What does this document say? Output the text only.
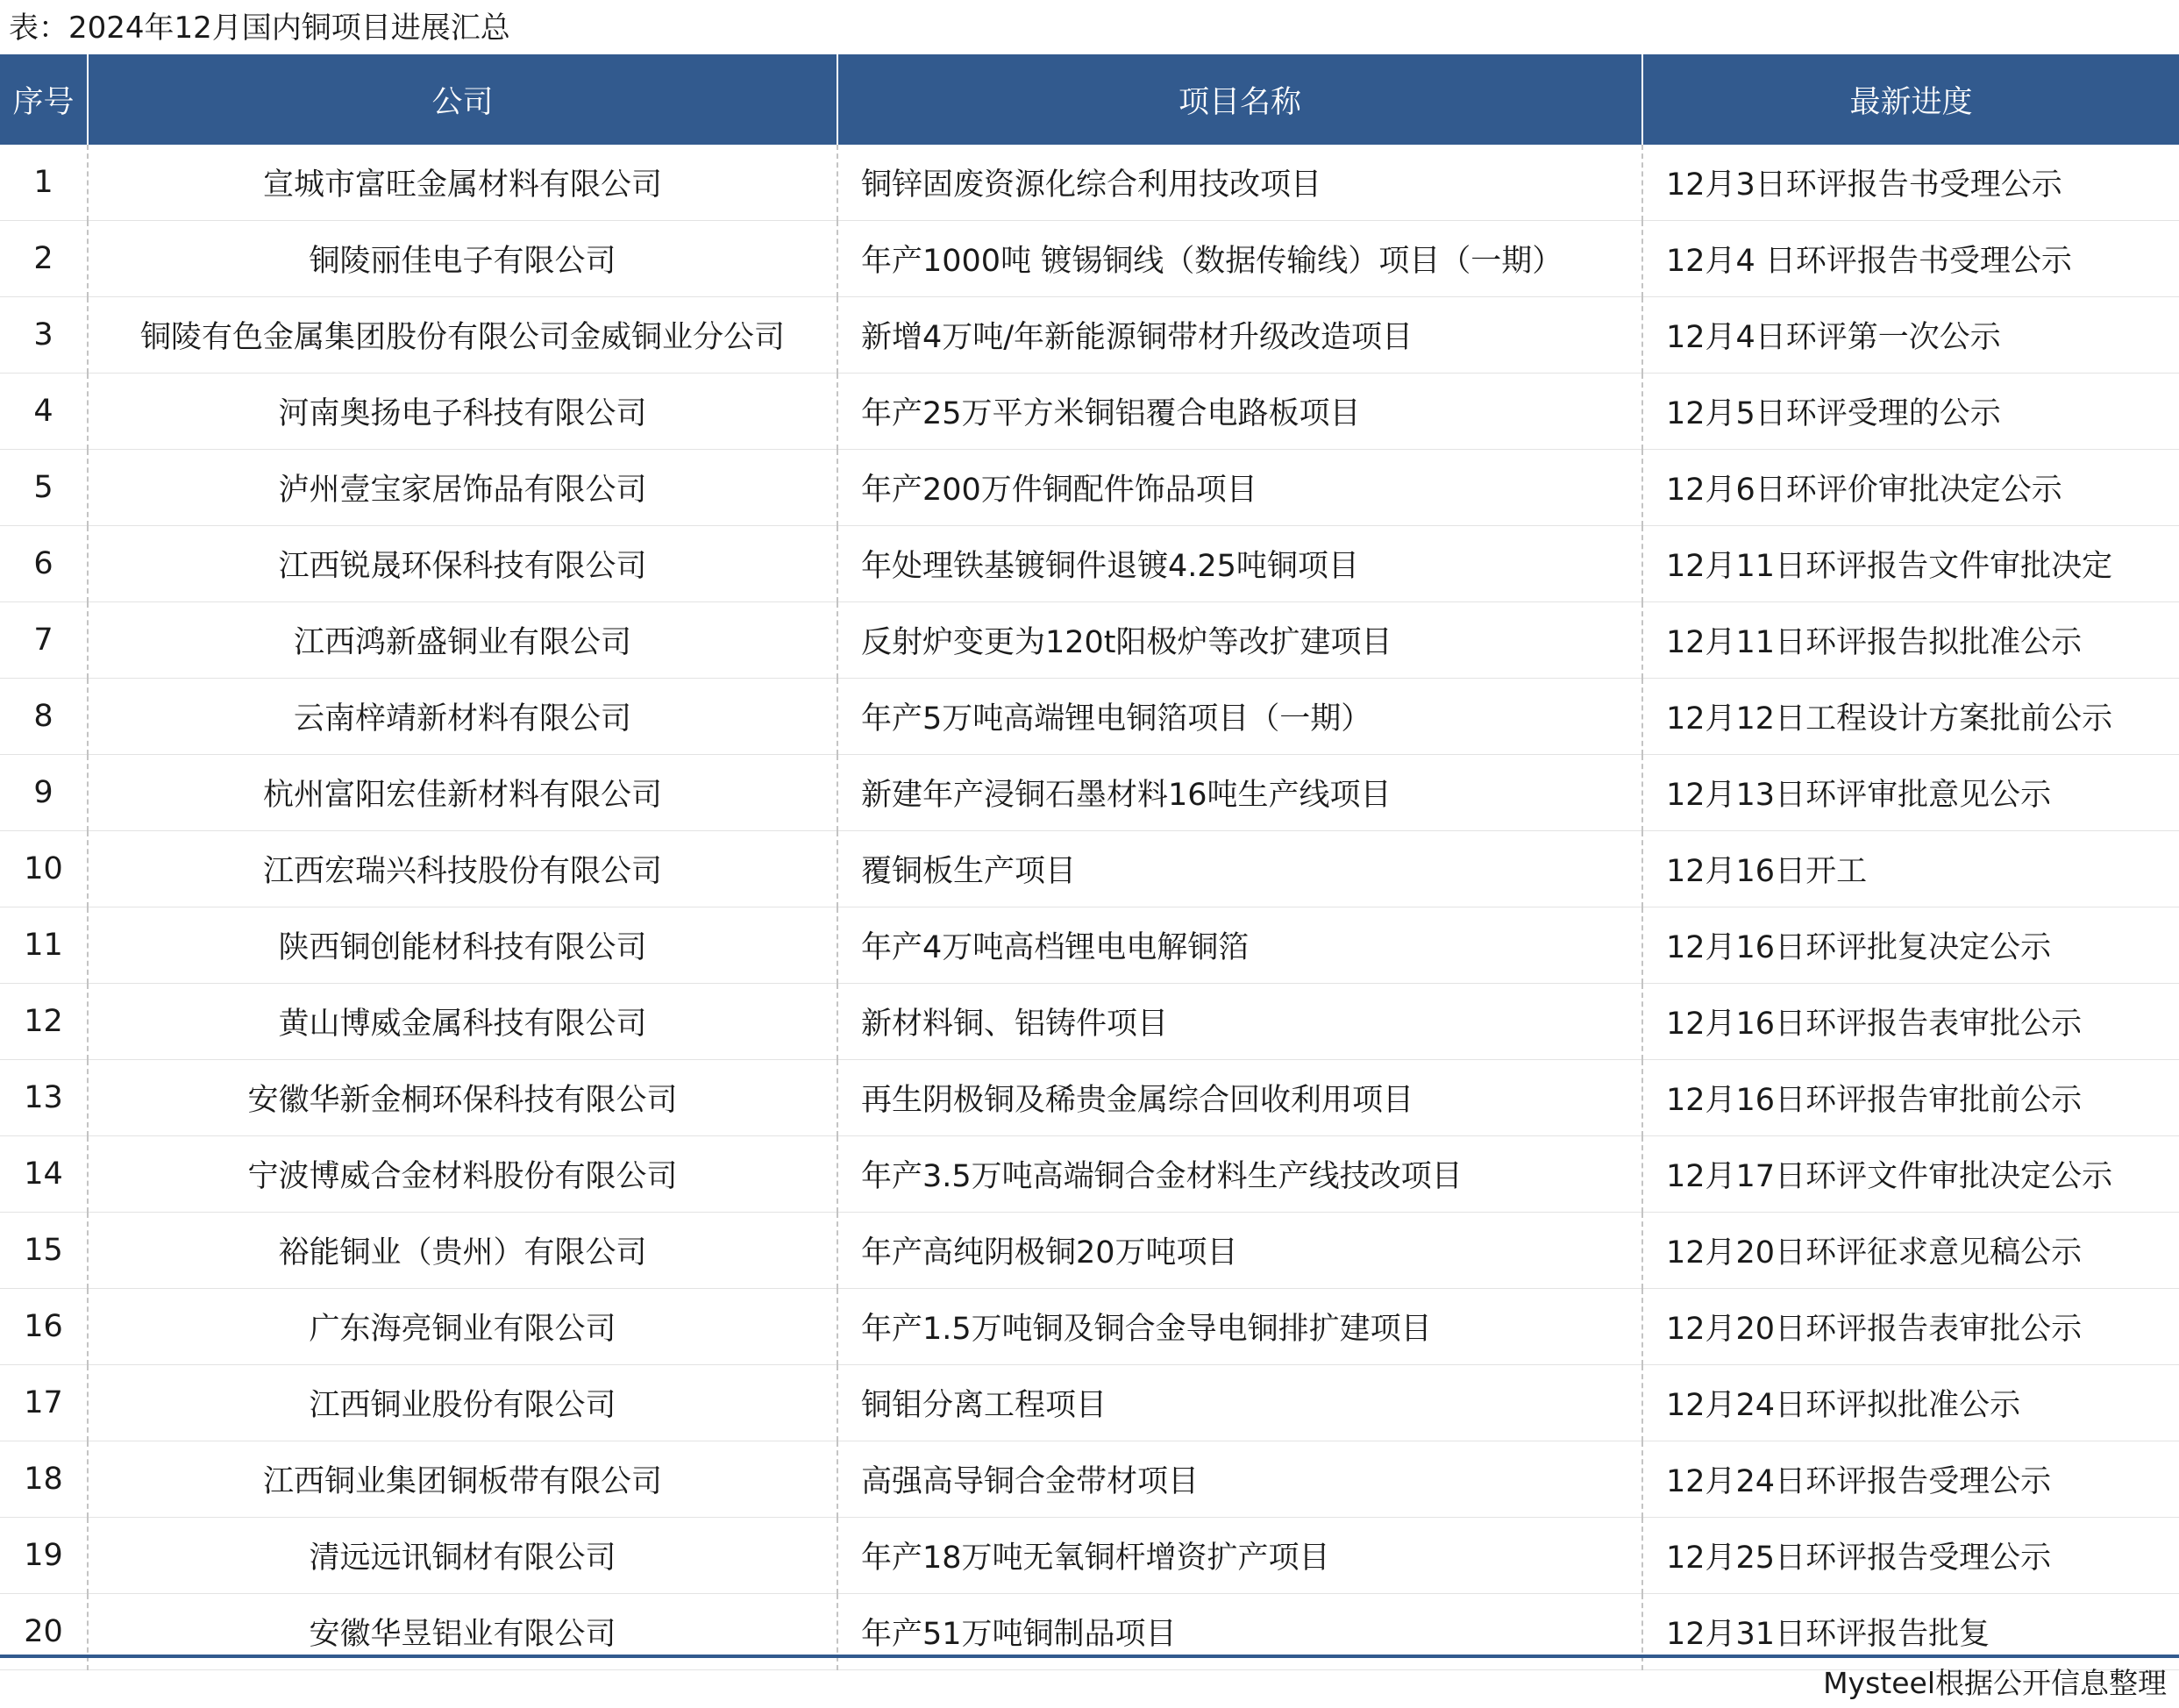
表：2024年12月国内铜项目进展汇总
序号	公司	项目名称	最新进度
1	宣城市富旺金属材料有限公司	铜锌固废资源化综合利用技改项目	12月3日环评报告书受理公示
2	铜陵丽佳电子有限公司	年产1000吨 镀锡铜线（数据传输线）项目（一期）	12月4 日环评报告书受理公示
3	铜陵有色金属集团股份有限公司金威铜业分公司	新增4万吨/年新能源铜带材升级改造项目	12月4日环评第一次公示
4	河南奥扬电子科技有限公司	年产25万平方米铜铝覆合电路板项目	12月5日环评受理的公示
5	泸州壹宝家居饰品有限公司	年产200万件铜配件饰品项目	12月6日环评价审批决定公示
6	江西锐晟环保科技有限公司	年处理铁基镀铜件退镀4.25吨铜项目	12月11日环评报告文件审批决定
7	江西鸿新盛铜业有限公司	反射炉变更为120t阳极炉等改扩建项目	12月11日环评报告拟批准公示
8	云南梓靖新材料有限公司	年产5万吨高端锂电铜箔项目（一期）	12月12日工程设计方案批前公示
9	杭州富阳宏佳新材料有限公司	新建年产浸铜石墨材料16吨生产线项目	12月13日环评审批意见公示
10	江西宏瑞兴科技股份有限公司	覆铜板生产项目	12月16日开工
11	陕西铜创能材科技有限公司	年产4万吨高档锂电电解铜箔	12月16日环评批复决定公示
12	黄山博威金属科技有限公司	新材料铜、铝铸件项目	12月16日环评报告表审批公示
13	安徽华新金桐环保科技有限公司	再生阴极铜及稀贵金属综合回收利用项目	12月16日环评报告审批前公示
14	宁波博威合金材料股份有限公司	年产3.5万吨高端铜合金材料生产线技改项目	12月17日环评文件审批决定公示
15	裕能铜业（贵州）有限公司	年产高纯阴极铜20万吨项目	12月20日环评征求意见稿公示
16	广东海亮铜业有限公司	年产1.5万吨铜及铜合金导电铜排扩建项目	12月20日环评报告表审批公示
17	江西铜业股份有限公司	铜钼分离工程项目	12月24日环评拟批准公示
18	江西铜业集团铜板带有限公司	高强高导铜合金带材项目	12月24日环评报告受理公示
19	清远远讯铜材有限公司	年产18万吨无氧铜杆增资扩产项目	12月25日环评报告受理公示
20	安徽华昱铝业有限公司	年产51万吨铜制品项目	12月31日环评报告批复
Mysteel根据公开信息整理
